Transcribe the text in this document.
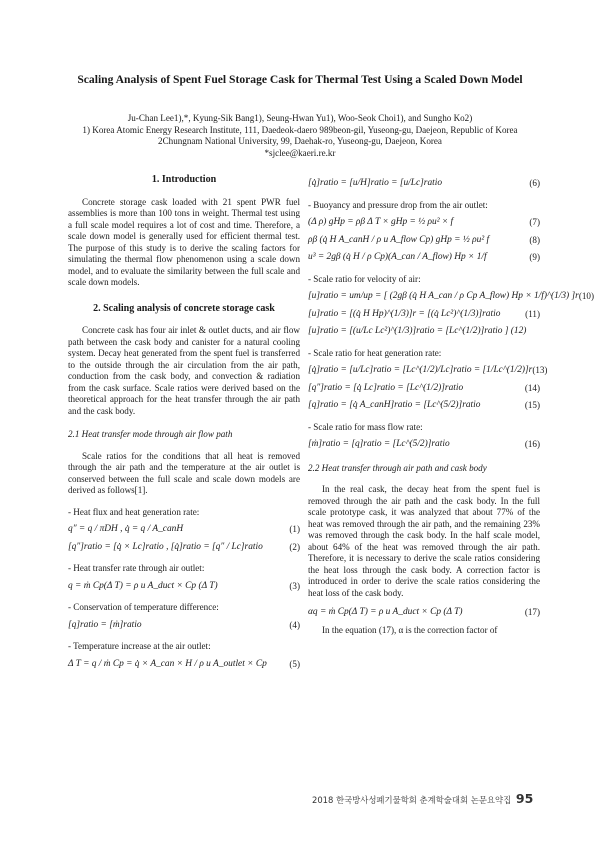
Scaling Analysis of Spent Fuel Storage Cask for Thermal Test Using a Scaled Down Model
Ju-Chan Lee1),*, Kyung-Sik Bang1), Seung-Hwan Yu1), Woo-Seok Choi1), and Sungho Ko2)
1) Korea Atomic Energy Research Institute, 111, Daedeok-daero 989beon-gil, Yuseong-gu, Daejeon, Republic of Korea
2Chungnam National University, 99, Daehak-ro, Yuseong-gu, Daejeon, Korea
*sjclee@kaeri.re.kr
1. Introduction

Concrete storage cask loaded with 21 spent PWR fuel assemblies is more than 100 tons in weight. Thermal test using a full scale model requires a lot of cost and time. Therefore, a scale down model is generally used for efficient thermal test. The purpose of this study is to derive the scaling factors for simulating the thermal flow phenomenon using a scale down model, and to evaluate the similarity between the full scale and scale down models.

2. Scaling analysis of concrete storage cask

Concrete cask has four air inlet & outlet ducts, and air flow path between the cask body and canister for a natural cooling system. Decay heat generated from the spent fuel is transferred to the outside through the air circulation from the air path, conduction from the cask body, and convection & radiation from the cask surface. Scale ratios were derived based on the theoretical approach for the heat transfer through the air path and the cask body.

2.1 Heat transfer mode through air flow path

Scale ratios for the conditions that all heat is removed through the air path and the temperature at the air outlet is conserved between the full scale and scale down models are derived as follows[1].

- Heat flux and heat generation rate:
q″ = q / πDH , q̇ = q / A_canH	(1)
[q″]ratio = [q̇ × Lc]ratio , [q̇]ratio = [q″ / Lc]ratio	(2)
- Heat transfer rate through air outlet:
q = ṁ Cp(Δ T) = ρ u A_duct × Cp (Δ T)	(3)
- Conservation of temperature difference:
[q]ratio = [ṁ]ratio	(4)
- Temperature increase at the air outlet:
Δ T = q / ṁ Cp = q̇ × A_can × H / ρ u A_outlet × Cp (5)
[q̇]ratio = [u/H]ratio = [u/Lc]ratio	(6)
- Buoyancy and pressure drop from the air outlet:
(Δ ρ) gHp = ρβ Δ T × gHp = ½ ρu² × f	(7)
ρβ (q̇ H A_canH / ρ u A_flow Cp) gHp = ½ ρu² f	(8)
u³ = 2gβ (q̇ H / ρ Cp)(A_can / A_flow) Hp × 1/f	(9)
- Scale ratio for velocity of air:
[u]ratio = um/up = [ (2gβ (q̇ H A_can / ρ Cp A_flow) Hp × 1/f)^(1/3) ]r (10)
[u]ratio = [(q̇ H Hp)^(1/3)]r = [(q̇ Lc²)^(1/3)]ratio	(11)
[u]ratio = [(u/Lc Lc²)^(1/3)]ratio = [Lc^(1/2)]ratio ] (12)
- Scale ratio for heat generation rate:
[q̇]ratio = [u/Lc]ratio = [Lc^(1/2)/Lc]ratio = [1/Lc^(1/2)]r (13)
[q″]ratio = [q̇ Lc]ratio = [Lc^(1/2)]ratio	(14)
[q]ratio = [q̇ A_canH]ratio = [Lc^(5/2)]ratio	(15)
- Scale ratio for mass flow rate:
[ṁ]ratio = [q]ratio = [Lc^(5/2)]ratio	(16)
2.2 Heat transfer through air path and cask body

In the real cask, the decay heat from the spent fuel is removed through the air path and the cask body. In the full scale prototype cask, it was analyzed that about 77% of the heat was removed through the air path, and the remaining 23% was removed through the cask body. In the half scale model, about 64% of the heat was removed through the air path. Therefore, it is necessary to derive the scale ratios considering the heat loss through the cask body. A correction factor is introduced in order to derive the scale ratios considering the heat loss of the cask body.

αq = ṁ Cp(Δ T) = ρ u A_duct × Cp (Δ T)	(17)

In the equation (17), α is the correction factor of

2018 한국방사성폐기물학회 춘계학술대회 논문요약집 95
